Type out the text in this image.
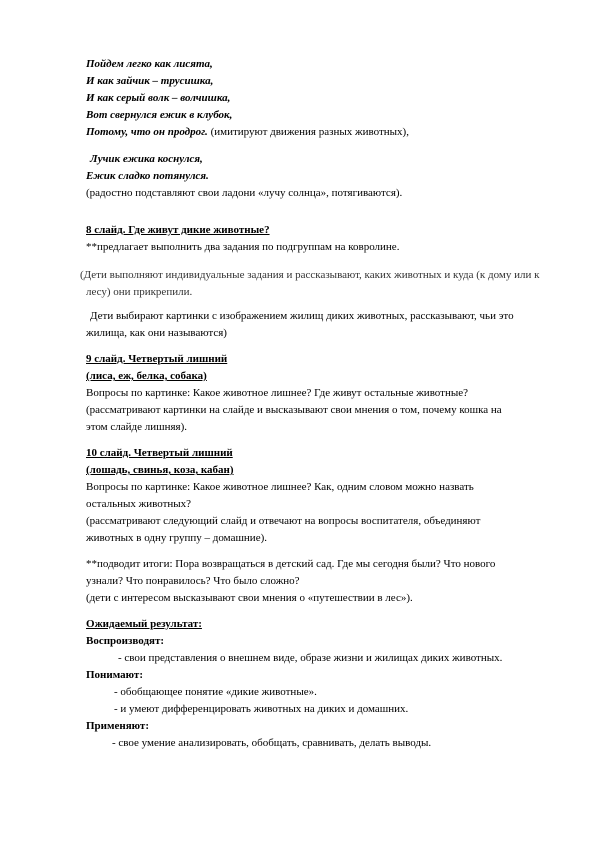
Пойдем легко как лисята,
И как зайчик – трусишка,
И как серый волк – волчишка,
Вот свернулся ежик в клубок,
Потому, что он продрог. (имитируют движения разных животных),
Лучик ежика коснулся,
Ежик сладко потянулся.
(радостно подставляют свои ладони «лучу солнца», потягиваются).
8 слайд. Где живут дикие животные?
**предлагает выполнить два задания по подгруппам на ковролине.
(Дети выполняют индивидуальные задания и рассказывают, каких животных и куда (к дому или к
лесу) они прикрепили.
Дети выбирают картинки с изображением жилищ диких животных, рассказывают, чьи это
жилища, как они называются)
9 слайд. Четвертый лишний
(лиса, еж, белка, собака)
Вопросы по картинке: Какое животное лишнее? Где живут остальные животные?
(рассматривают картинки на слайде и высказывают свои мнения о том, почему кошка на
этом слайде лишняя).
10 слайд. Четвертый лишний
(лошадь, свинья, коза, кабан)
Вопросы по картинке: Какое животное лишнее? Как, одним словом можно назвать
остальных животных?
(рассматривают следующий слайд и отвечают на вопросы воспитателя, объединяют
животных в одну группу – домашние).
**подводит итоги: Пора возвращаться в детский сад. Где мы сегодня были? Что нового
узнали? Что понравилось? Что было сложно?
(дети с интересом высказывают свои мнения о «путешествии в лес»).
Ожидаемый результат:
Воспроизводят:
- свои представления о внешнем виде, образе жизни и жилищах диких животных.
Понимают:
- обобщающее понятие «дикие животные».
- и умеют дифференцировать животных на диких и домашних.
Применяют:
- свое умение анализировать, обобщать, сравнивать, делать выводы.
